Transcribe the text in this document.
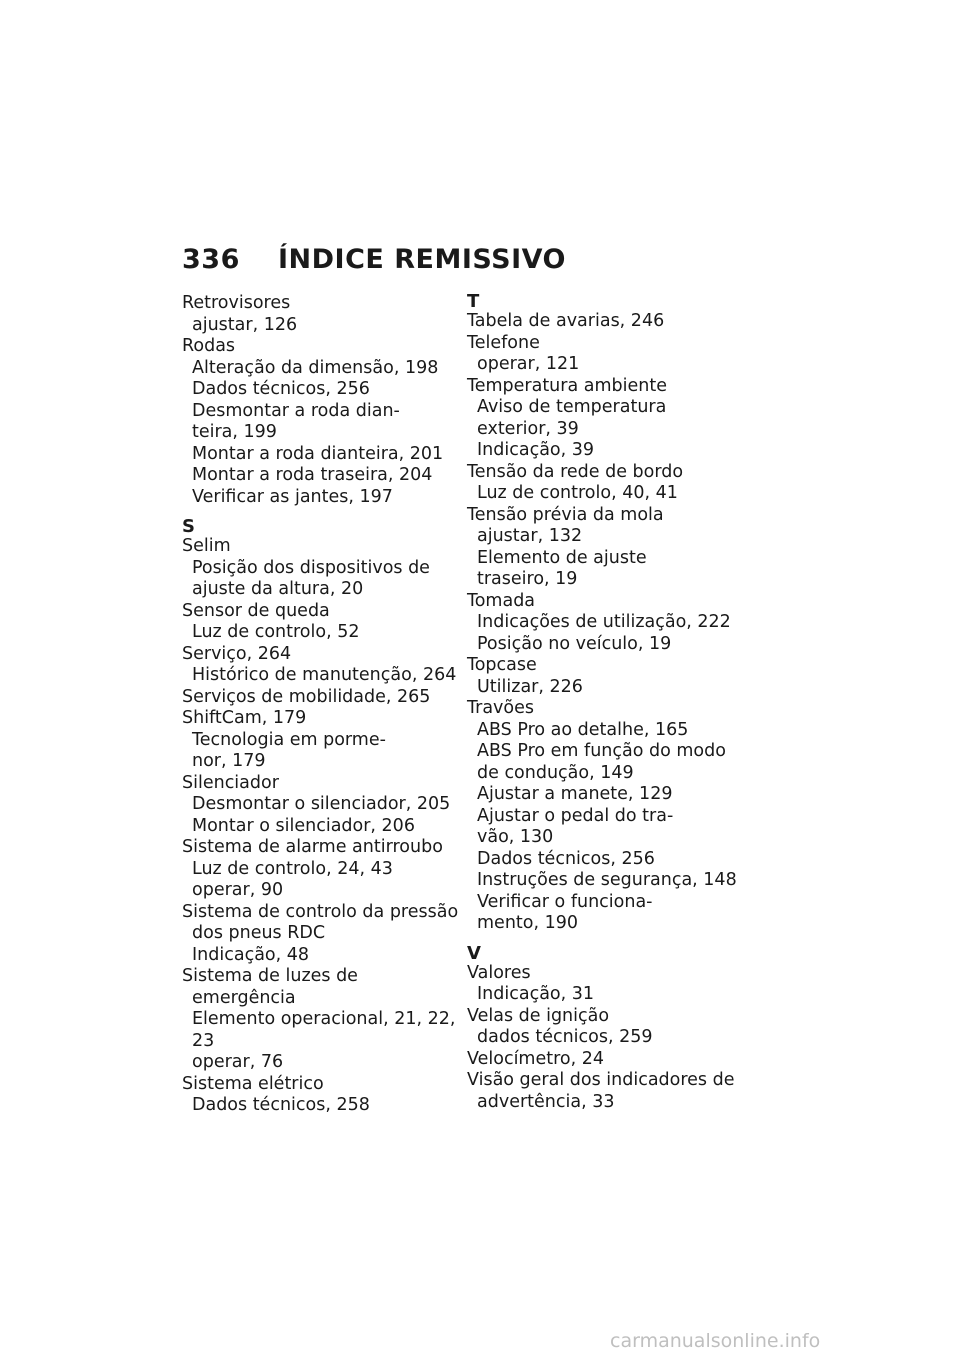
336 ÍNDICE REMISSIVO
Retrovisores
ajustar, 126
Rodas
Alteração da dimensão, 198
Dados técnicos, 256
Desmontar a roda dian-
teira, 199
Montar a roda dianteira, 201
Montar a roda traseira, 204
Verificar as jantes, 197
S
Selim
Posição dos dispositivos de
ajuste da altura, 20
Sensor de queda
Luz de controlo, 52
Serviço, 264
Histórico de manutenção, 264
Serviços de mobilidade, 265
ShiftCam, 179
Tecnologia em porme-
nor, 179
Silenciador
Desmontar o silenciador, 205
Montar o silenciador, 206
Sistema de alarme antirroubo
Luz de controlo, 24, 43
operar, 90
Sistema de controlo da pressão
dos pneus RDC
Indicação, 48
Sistema de luzes de
emergência
Elemento operacional, 21, 22,
23
operar, 76
Sistema elétrico
Dados técnicos, 258
T
Tabela de avarias, 246
Telefone
operar, 121
Temperatura ambiente
Aviso de temperatura
exterior, 39
Indicação, 39
Tensão da rede de bordo
Luz de controlo, 40, 41
Tensão prévia da mola
ajustar, 132
Elemento de ajuste
traseiro, 19
Tomada
Indicações de utilização, 222
Posição no veículo, 19
Topcase
Utilizar, 226
Travões
ABS Pro ao detalhe, 165
ABS Pro em função do modo
de condução, 149
Ajustar a manete, 129
Ajustar o pedal do tra-
vão, 130
Dados técnicos, 256
Instruções de segurança, 148
Verificar o funciona-
mento, 190
V
Valores
Indicação, 31
Velas de ignição
dados técnicos, 259
Velocímetro, 24
Visão geral dos indicadores de
advertência, 33
carmanualsonline.info
